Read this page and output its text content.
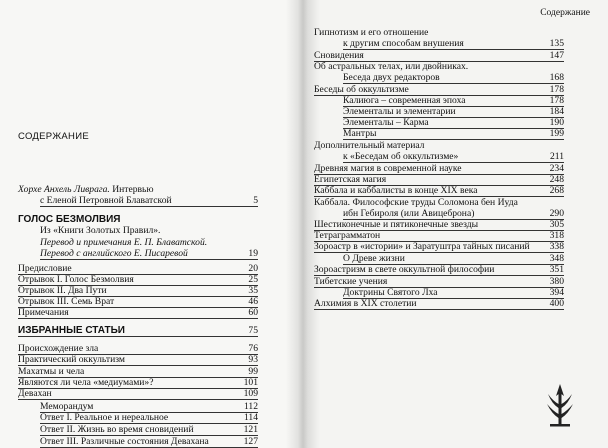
Содержание
СОДЕРЖАНИЕ
Хорхе Анхель Ливрага. Интервью
с Еленой Петровной Блаватской	5
ГОЛОС БЕЗМОЛВИЯ
Из «Книги Золотых Правил».
Перевод и примечания Е. П. Блаватской.
Перевод с английского Е. Писаревой	19
Предисловие	20
Отрывок I. Голос Безмолвия	25
Отрывок II. Два Пути	35
Отрывок III. Семь Врат	46
Примечания	60
ИЗБРАННЫЕ СТАТЬИ	75
Происхождение зла	76
Практический оккультизм	93
Махатмы и чела	99
Являются ли чела «медиумами»?	101
Девахан	109
Меморандум	112
Ответ I. Реальное и нереальное	114
Ответ II. Жизнь во время сновидений	121
Ответ III. Различные состояния Девахана	127
Гипнотизм и его отношение
к другим способам внушения	135
Сновидения	147
Об астральных телах, или двойниках.
Беседа двух редакторов	168
Беседы об оккультизме	178
Калиюга – современная эпоха	178
Элементалы и элементарии	184
Элементалы – Карма	190
Мантры	199
Дополнительный материал
к «Беседам об оккультизме»	211
Древняя магия в современной науке	234
Египетская магия	248
Каббала и каббалисты в конце XIX века	268
Каббала. Философские труды Соломона бен Иуда
ибн Гебироля (или Авицеброна)	290
Шестиконечные и пятиконечные звезды	305
Тетраграмматон	318
Зороастр в «истории» и Заратуштра тайных писаний 338
О Древе жизни	348
Зороастризм в свете оккультной философии	351
Тибетские учения	380
Доктрины Святого Лха	394
Алхимия в XIX столетии	400
